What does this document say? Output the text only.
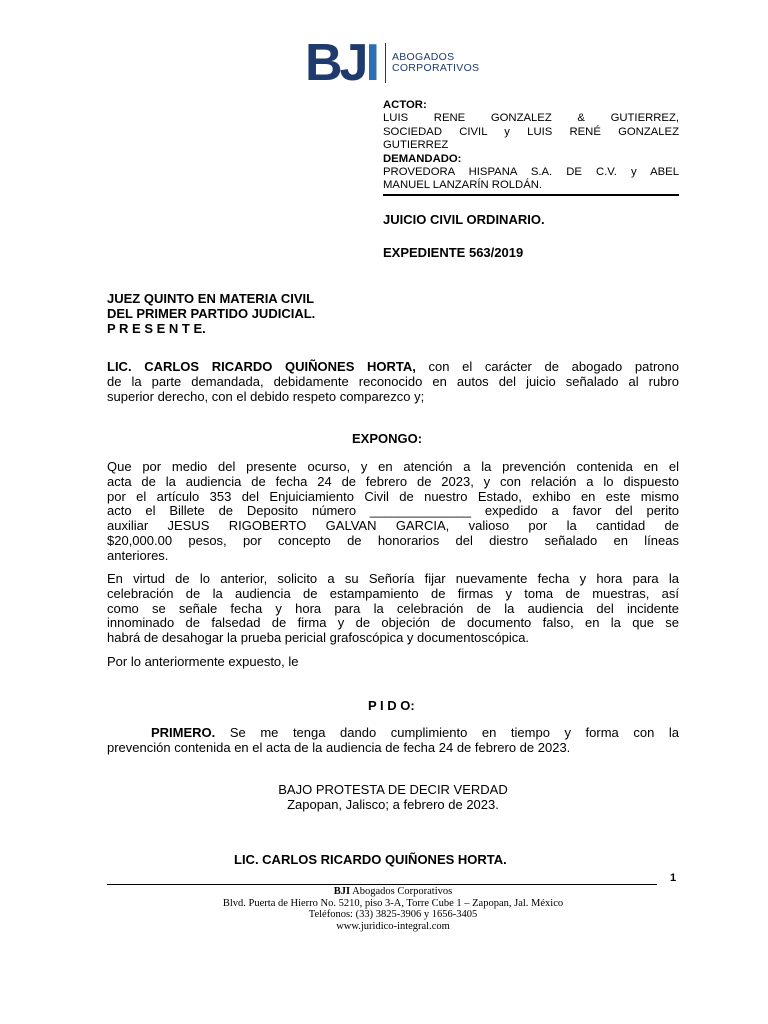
BJI ABOGADOS
CORPORATIVOS
ACTOR:
LUIS RENE GONZALEZ & GUTIERREZ,
SOCIEDAD CIVIL y LUIS RENÉ GONZALEZ
GUTIERREZ
DEMANDADO:
PROVEDORA HISPANA S.A. DE C.V. y ABEL
MANUEL LANZARÍN ROLDÁN.
JUICIO CIVIL ORDINARIO.
EXPEDIENTE 563/2019
JUEZ QUINTO EN MATERIA CIVIL
DEL PRIMER PARTIDO JUDICIAL.
P R E S E N T E.
LIC. CARLOS RICARDO QUIÑONES HORTA, con el carácter de abogado patrono
de la parte demandada, debidamente reconocido en autos del juicio señalado al rubro
superior derecho, con el debido respeto comparezco y;
EXPONGO:
Que por medio del presente ocurso, y en atención a la prevención contenida en el
acta de la audiencia de fecha 24 de febrero de 2023, y con relación a lo dispuesto
por el artículo 353 del Enjuiciamiento Civil de nuestro Estado, exhibo en este mismo
acto el Billete de Deposito número ______________ expedido a favor del perito
auxiliar JESUS RIGOBERTO GALVAN GARCIA, valioso por la cantidad de
$20,000.00 pesos, por concepto de honorarios del diestro señalado en líneas
anteriores.
En virtud de lo anterior, solicito a su Señoría fijar nuevamente fecha y hora para la
celebración de la audiencia de estampamiento de firmas y toma de muestras, así
como se señale fecha y hora para la celebración de la audiencia del incidente
innominado de falsedad de firma y de objeción de documento falso, en la que se
habrá de desahogar la prueba pericial grafoscópica y documentoscópica.
Por lo anteriormente expuesto, le
P I D O:
PRIMERO. Se me tenga dando cumplimiento en tiempo y forma con la
prevención contenida en el acta de la audiencia de fecha 24 de febrero de 2023.
BAJO PROTESTA DE DECIR VERDAD
Zapopan, Jalisco; a febrero de 2023.
LIC. CARLOS RICARDO QUIÑONES HORTA.
1
BJI Abogados Corporativos
Blvd. Puerta de Hierro No. 5210, piso 3-A, Torre Cube 1 – Zapopan, Jal. México
Teléfonos: (33) 3825-3906 y 1656-3405
www.juridico-integral.com
